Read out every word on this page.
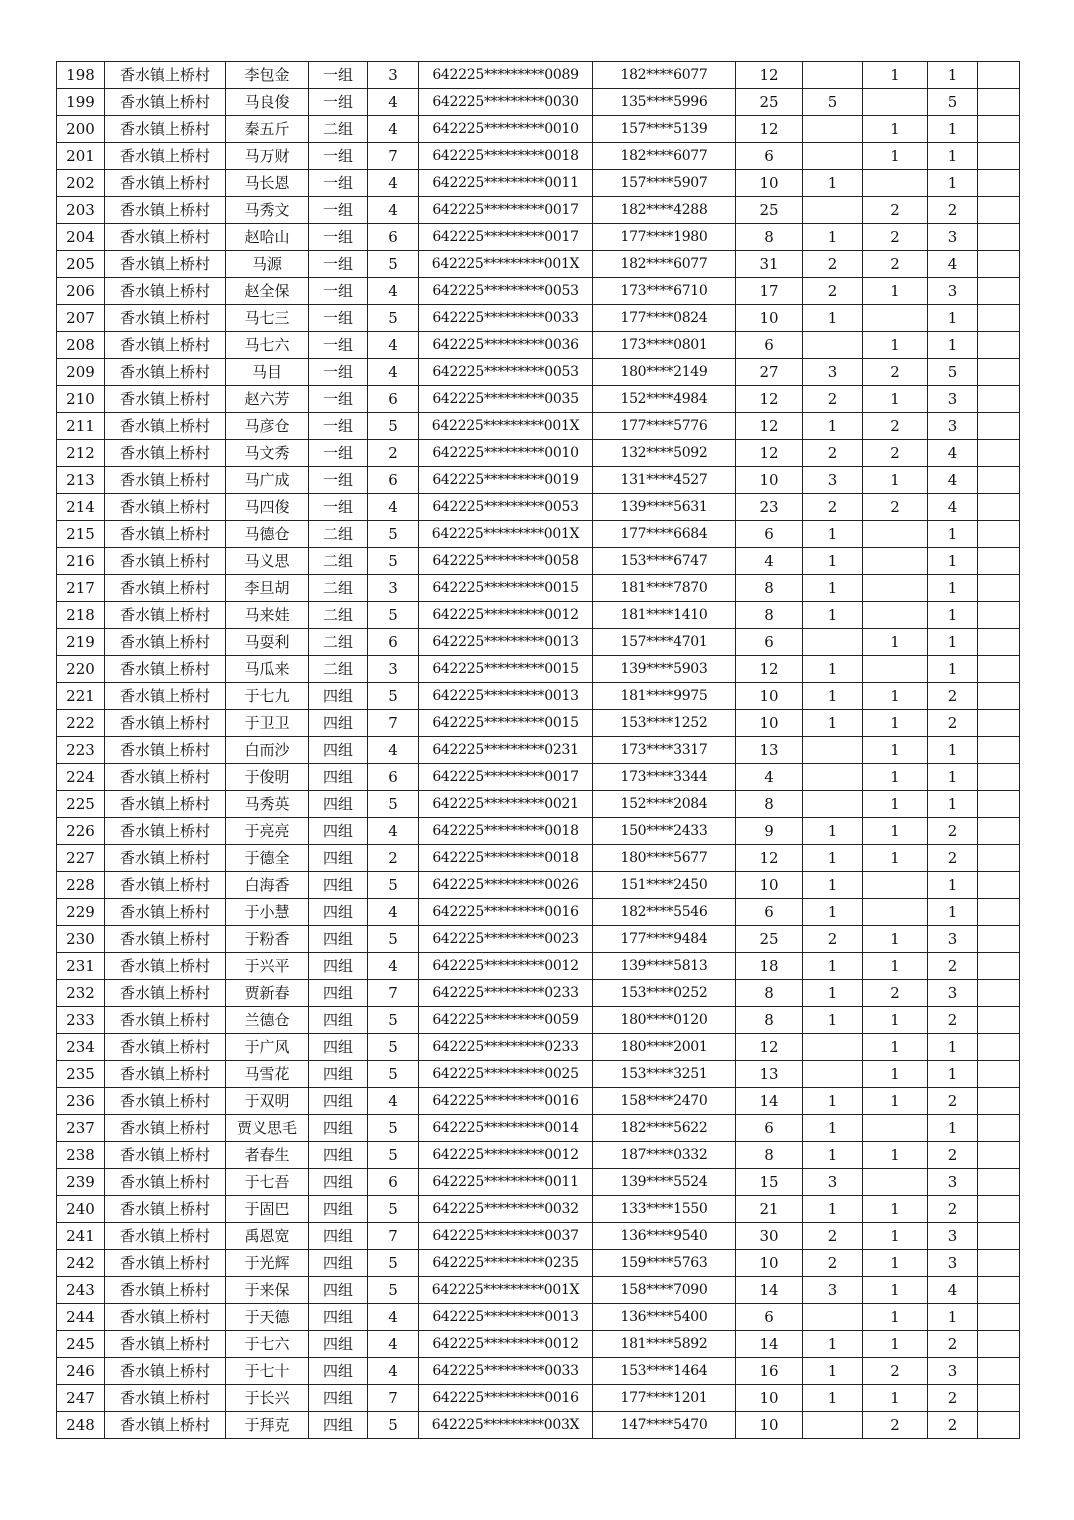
198	香水镇上桥村	李包金	一组	3	642225*********0089	182****6077	12		1	1	
199	香水镇上桥村	马良俊	一组	4	642225*********0030	135****5996	25	5		5	
200	香水镇上桥村	秦五斤	二组	4	642225*********0010	157****5139	12		1	1	
201	香水镇上桥村	马万财	一组	7	642225*********0018	182****6077	6		1	1	
202	香水镇上桥村	马长恩	一组	4	642225*********0011	157****5907	10	1		1	
203	香水镇上桥村	马秀文	一组	4	642225*********0017	182****4288	25		2	2	
204	香水镇上桥村	赵哈山	一组	6	642225*********0017	177****1980	8	1	2	3	
205	香水镇上桥村	马源	一组	5	642225*********001X	182****6077	31	2	2	4	
206	香水镇上桥村	赵全保	一组	4	642225*********0053	173****6710	17	2	1	3	
207	香水镇上桥村	马七三	一组	5	642225*********0033	177****0824	10	1		1	
208	香水镇上桥村	马七六	一组	4	642225*********0036	173****0801	6		1	1	
209	香水镇上桥村	马目	一组	4	642225*********0053	180****2149	27	3	2	5	
210	香水镇上桥村	赵六芳	一组	6	642225*********0035	152****4984	12	2	1	3	
211	香水镇上桥村	马彦仓	一组	5	642225*********001X	177****5776	12	1	2	3	
212	香水镇上桥村	马文秀	一组	2	642225*********0010	132****5092	12	2	2	4	
213	香水镇上桥村	马广成	一组	6	642225*********0019	131****4527	10	3	1	4	
214	香水镇上桥村	马四俊	一组	4	642225*********0053	139****5631	23	2	2	4	
215	香水镇上桥村	马德仓	二组	5	642225*********001X	177****6684	6	1		1	
216	香水镇上桥村	马义思	二组	5	642225*********0058	153****6747	4	1		1	
217	香水镇上桥村	李旦胡	二组	3	642225*********0015	181****7870	8	1		1	
218	香水镇上桥村	马来娃	二组	5	642225*********0012	181****1410	8	1		1	
219	香水镇上桥村	马耍利	二组	6	642225*********0013	157****4701	6		1	1	
220	香水镇上桥村	马瓜来	二组	3	642225*********0015	139****5903	12	1		1	
221	香水镇上桥村	于七九	四组	5	642225*********0013	181****9975	10	1	1	2	
222	香水镇上桥村	于卫卫	四组	7	642225*********0015	153****1252	10	1	1	2	
223	香水镇上桥村	白而沙	四组	4	642225*********0231	173****3317	13		1	1	
224	香水镇上桥村	于俊明	四组	6	642225*********0017	173****3344	4		1	1	
225	香水镇上桥村	马秀英	四组	5	642225*********0021	152****2084	8		1	1	
226	香水镇上桥村	于亮亮	四组	4	642225*********0018	150****2433	9	1	1	2	
227	香水镇上桥村	于德全	四组	2	642225*********0018	180****5677	12	1	1	2	
228	香水镇上桥村	白海香	四组	5	642225*********0026	151****2450	10	1		1	
229	香水镇上桥村	于小慧	四组	4	642225*********0016	182****5546	6	1		1	
230	香水镇上桥村	于粉香	四组	5	642225*********0023	177****9484	25	2	1	3	
231	香水镇上桥村	于兴平	四组	4	642225*********0012	139****5813	18	1	1	2	
232	香水镇上桥村	贾新春	四组	7	642225*********0233	153****0252	8	1	2	3	
233	香水镇上桥村	兰德仓	四组	5	642225*********0059	180****0120	8	1	1	2	
234	香水镇上桥村	于广风	四组	5	642225*********0233	180****2001	12		1	1	
235	香水镇上桥村	马雪花	四组	5	642225*********0025	153****3251	13		1	1	
236	香水镇上桥村	于双明	四组	4	642225*********0016	158****2470	14	1	1	2	
237	香水镇上桥村	贾义思毛	四组	5	642225*********0014	182****5622	6	1		1	
238	香水镇上桥村	者春生	四组	5	642225*********0012	187****0332	8	1	1	2	
239	香水镇上桥村	于七吾	四组	6	642225*********0011	139****5524	15	3		3	
240	香水镇上桥村	于固巴	四组	5	642225*********0032	133****1550	21	1	1	2	
241	香水镇上桥村	禹恩宽	四组	7	642225*********0037	136****9540	30	2	1	3	
242	香水镇上桥村	于光辉	四组	5	642225*********0235	159****5763	10	2	1	3	
243	香水镇上桥村	于来保	四组	5	642225*********001X	158****7090	14	3	1	4	
244	香水镇上桥村	于天德	四组	4	642225*********0013	136****5400	6		1	1	
245	香水镇上桥村	于七六	四组	4	642225*********0012	181****5892	14	1	1	2	
246	香水镇上桥村	于七十	四组	4	642225*********0033	153****1464	16	1	2	3	
247	香水镇上桥村	于长兴	四组	7	642225*********0016	177****1201	10	1	1	2	
248	香水镇上桥村	于拜克	四组	5	642225*********003X	147****5470	10		2	2	
